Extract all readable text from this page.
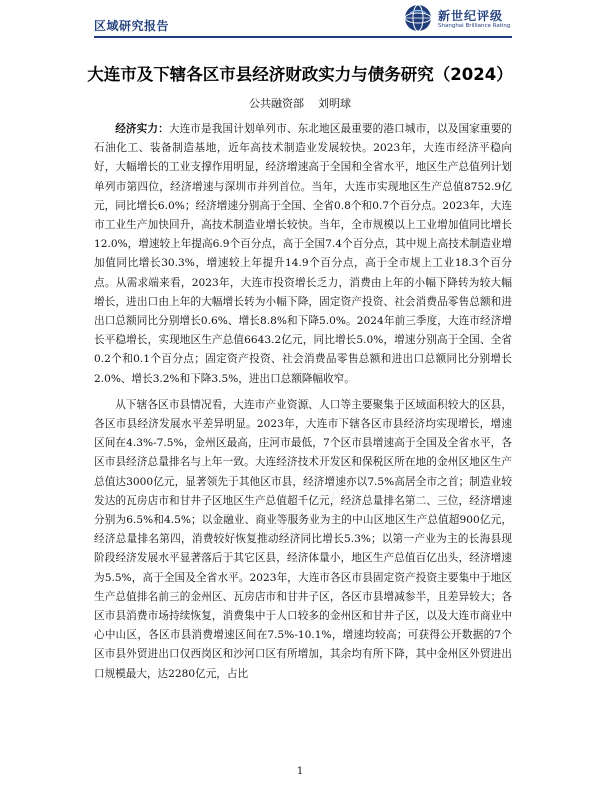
区域研究报告
新世纪评级
Shanghai Brilliance Rating
大连市及下辖各区市县经济财政实力与债务研究（2024）
公共融资部    刘明球

经济实力：大连市是我国计划单列市、东北地区最重要的港口城市，以及国家重要的石油化工、装备制造基地，近年高技术制造业发展较快。2023年，大连市经济平稳向好，大幅增长的工业支撑作用明显，经济增速高于全国和全省水平，地区生产总值列计划单列市第四位，经济增速与深圳市并列首位。当年，大连市实现地区生产总值8752.9亿元，同比增长6.0%；经济增速分别高于全国、全省0.8个和0.7个百分点。2023年，大连市工业生产加快回升，高技术制造业增长较快。当年，全市规模以上工业增加值同比增长12.0%，增速较上年提高6.9个百分点，高于全国7.4个百分点，其中规上高技术制造业增加值同比增长30.3%，增速较上年提升14.9个百分点，高于全市规上工业18.3个百分点。从需求端来看，2023年，大连市投资增长乏力，消费由上年的小幅下降转为较大幅增长，进出口由上年的大幅增长转为小幅下降，固定资产投资、社会消费品零售总额和进出口总额同比分别增长0.6%、增长8.8%和下降5.0%。2024年前三季度，大连市经济增长平稳增长，实现地区生产总值6643.2亿元，同比增长5.0%，增速分别高于全国、全省0.2个和0.1个百分点；固定资产投资、社会消费品零售总额和进出口总额同比分别增长2.0%、增长3.2%和下降3.5%，进出口总额降幅收窄。

从下辖各区市县情况看，大连市产业资源、人口等主要聚集于区域面积较大的区县，各区市县经济发展水平差异明显。2023年，大连市下辖各区市县经济均实现增长，增速区间在4.3%-7.5%，金州区最高，庄河市最低，7个区市县增速高于全国及全省水平，各区市县经济总量排名与上年一致。大连经济技术开发区和保税区所在地的金州区地区生产总值达3000亿元，显著领先于其他区市县，经济增速亦以7.5%高居全市之首；制造业较发达的瓦房店市和甘井子区地区生产总值超千亿元，经济总量排名第二、三位，经济增速分别为6.5%和4.5%；以金融业、商业等服务业为主的中山区地区生产总值超900亿元，经济总量排名第四，消费较好恢复推动经济同比增长5.3%；以第一产业为主的长海县现阶段经济发展水平显著落后于其它区县，经济体量小，地区生产总值百亿出头，经济增速为5.5%，高于全国及全省水平。2023年，大连市各区市县固定资产投资主要集中于地区生产总值排名前三的金州区、瓦房店市和甘井子区，各区市县增减参半，且差异较大；各区市县消费市场持续恢复，消费集中于人口较多的金州区和甘井子区，以及大连市商业中心中山区，各区市县消费增速区间在7.5%-10.1%，增速均较高；可获得公开数据的7个区市县外贸进出口仅西岗区和沙河口区有所增加，其余均有所下降，其中金州区外贸进出口规模最大，达2280亿元，占比

新世纪评级
1
